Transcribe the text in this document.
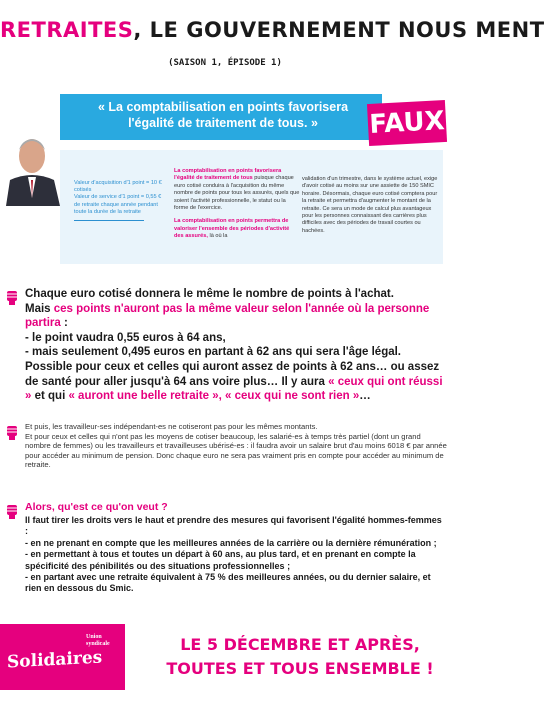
RETRAITES, LE GOUVERNEMENT NOUS MENT
(SAISON 1, ÉPISODE 1)
« La comptabilisation en points favorisera l'égalité de traitement de tous. »	FAUX
Valeur d'acquisition d'1 point = 10 € cotisés
Valeur de service d'1 point = 0,55 € de retraite chaque année pendant toute la durée de la retraite
La comptabilisation en points favorisera l'égalité de traitement de tous puisque chaque euro cotisé conduira à l'acquisition du même nombre de points pour tous les assurés, quels que soient l'activité professionnelle, le statut ou la forme de l'exercice.
La comptabilisation en points permettra de valoriser l'ensemble des périodes d'activité des assurés, là où la
validation d'un trimestre, dans le système actuel, exige d'avoir cotisé au moins sur une assiette de 150 SMIC horaire. Désormais, chaque euro cotisé comptera pour la retraite et permettra d'augmenter le montant de la retraite. Ce sera un mode de calcul plus avantageux pour les personnes connaissant des carrières plus difficiles avec des périodes de travail courtes ou hachées.
Chaque euro cotisé donnera le même le nombre de points à l'achat.
Mais ces points n'auront pas la même valeur selon l'année où la personne partira :
- le point vaudra 0,55 euros à 64 ans,
- mais seulement 0,495 euros en partant à 62 ans qui sera l'âge légal.
Possible pour ceux et celles qui auront assez de points à 62 ans… ou assez de santé pour aller jusqu'à 64 ans voire plus… Il y aura « ceux qui ont réussi » et qui « auront une belle retraite », « ceux qui ne sont rien »…
Et puis, les travailleur-ses indépendant-es ne cotiseront pas pour les mêmes montants.
Et pour ceux et celles qui n'ont pas les moyens de cotiser beaucoup, les salarié-es à temps très partiel (dont un grand nombre de femmes) ou les travailleurs et travailleuses ubérisé-es : il faudra avoir un salaire brut d'au moins 6018 € par année pour accéder au minimum de pension. Donc chaque euro ne sera pas vraiment pris en compte pour accéder au minimum de retraite.
Alors, qu'est ce qu'on veut ?
Il faut tirer les droits vers le haut et prendre des mesures qui favorisent l'égalité hommes-femmes :
- en ne prenant en compte que les meilleures années de la carrière ou la dernière rémunération ;
- en permettant à tous et toutes un départ à 60 ans, au plus tard, et en prenant en compte la spécificité des pénibilités ou des situations professionnelles ;
- en partant avec une retraite équivalent à 75 % des meilleures années, ou du dernier salaire, et rien en dessous du Smic.
Union syndicale
Solidaires
LE 5 DÉCEMBRE ET APRÈS,
TOUTES ET TOUS ENSEMBLE !
